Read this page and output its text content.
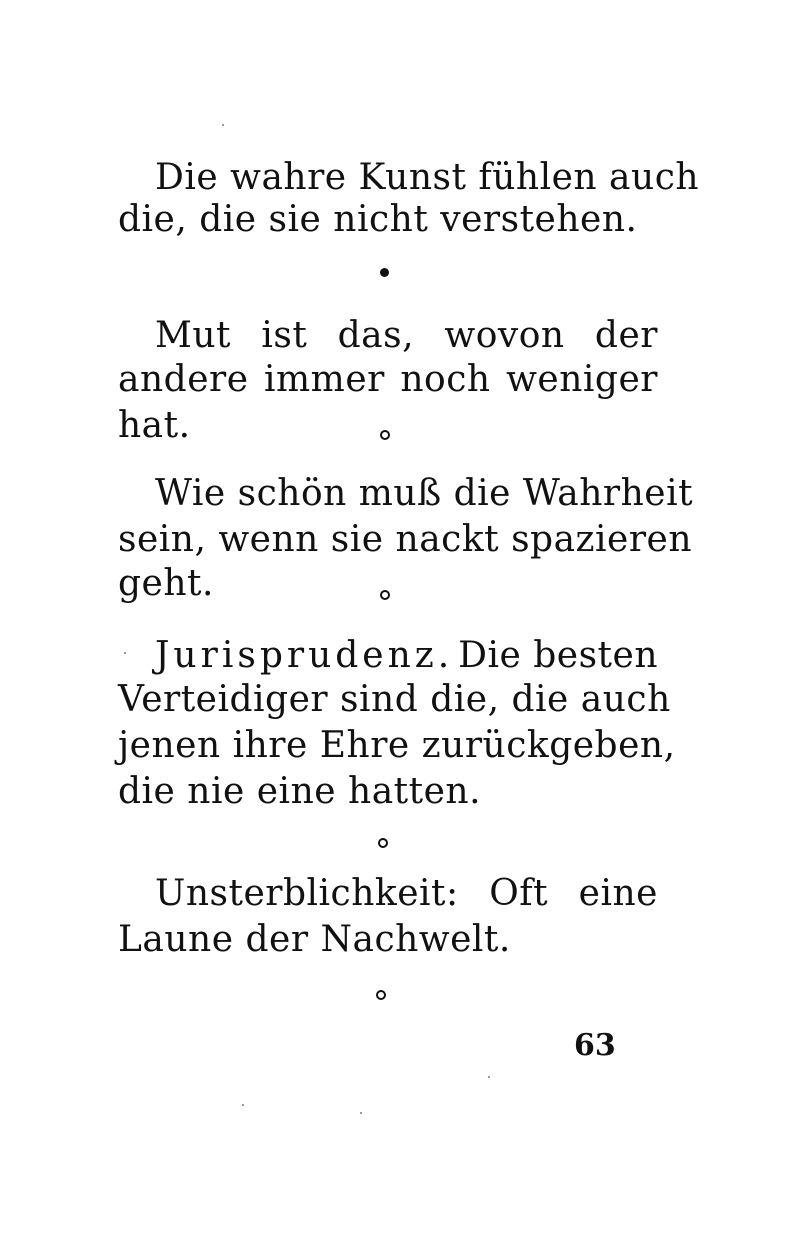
Die wahre Kunst fühlen auch
die, die sie nicht verstehen.
Mut ist das, wovon der
andere immer noch weniger
hat.
Wie schön muß die Wahrheit
sein, wenn sie nackt spazieren
geht.
Jurisprudenz. Die besten
Verteidiger sind die, die auch
jenen ihre Ehre zurückgeben,
die nie eine hatten.
Unsterblichkeit: Oft eine
Laune der Nachwelt.
63
